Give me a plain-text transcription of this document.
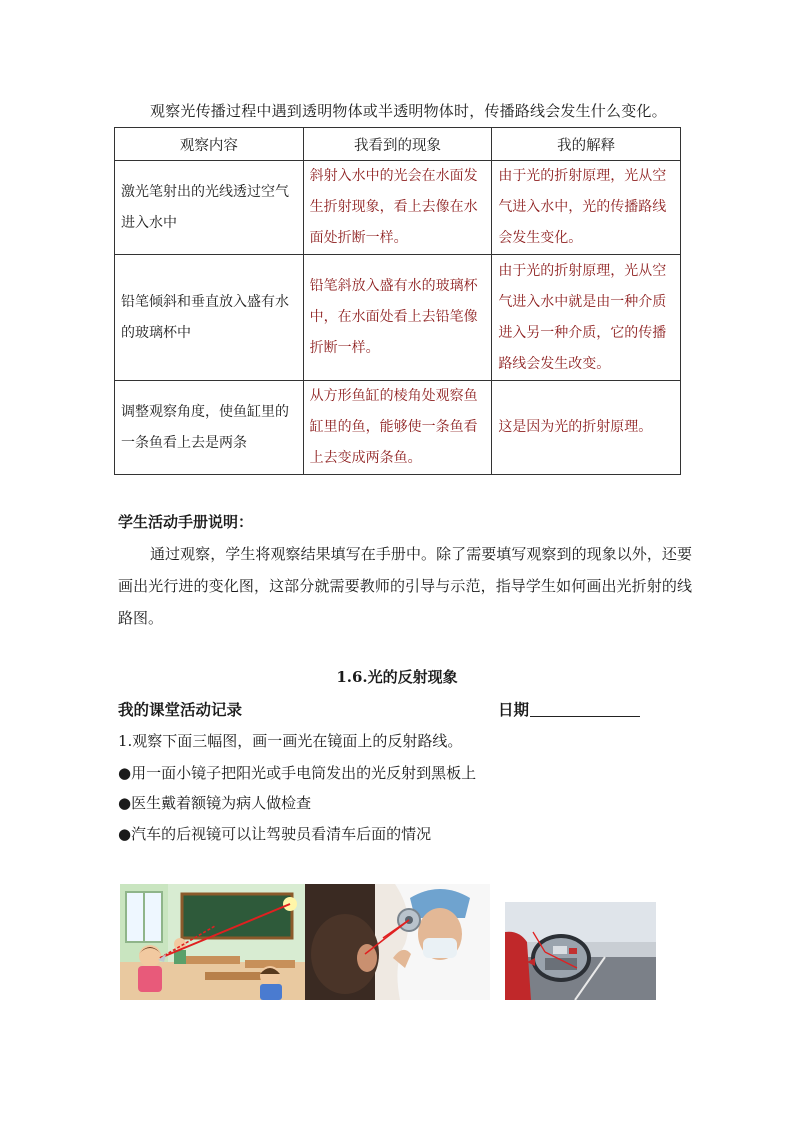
观察光传播过程中遇到透明物体或半透明物体时，传播路线会发生什么变化。
观察内容	我看到的现象	我的解释
激光笔射出的光线透过空气进入水中	斜射入水中的光会在水面发生折射现象，看上去像在水面处折断一样。	由于光的折射原理，光从空气进入水中，光的传播路线会发生变化。
铅笔倾斜和垂直放入盛有水的玻璃杯中	铅笔斜放入盛有水的玻璃杯中，在水面处看上去铅笔像折断一样。	由于光的折射原理，光从空气进入水中就是由一种介质进入另一种介质，它的传播路线会发生改变。
调整观察角度，使鱼缸里的一条鱼看上去是两条	从方形鱼缸的棱角处观察鱼缸里的鱼，能够使一条鱼看上去变成两条鱼。	这是因为光的折射原理。
学生活动手册说明：
通过观察，学生将观察结果填写在手册中。除了需要填写观察到的现象以外，还要画出光行进的变化图，这部分就需要教师的引导与示范，指导学生如何画出光折射的线路图。
1.6.光的反射现象
我的课堂活动记录	日期
1.观察下面三幅图，画一画光在镜面上的反射路线。
●用一面小镜子把阳光或手电筒发出的光反射到黑板上
●医生戴着额镜为病人做检查
●汽车的后视镜可以让驾驶员看清车后面的情况
